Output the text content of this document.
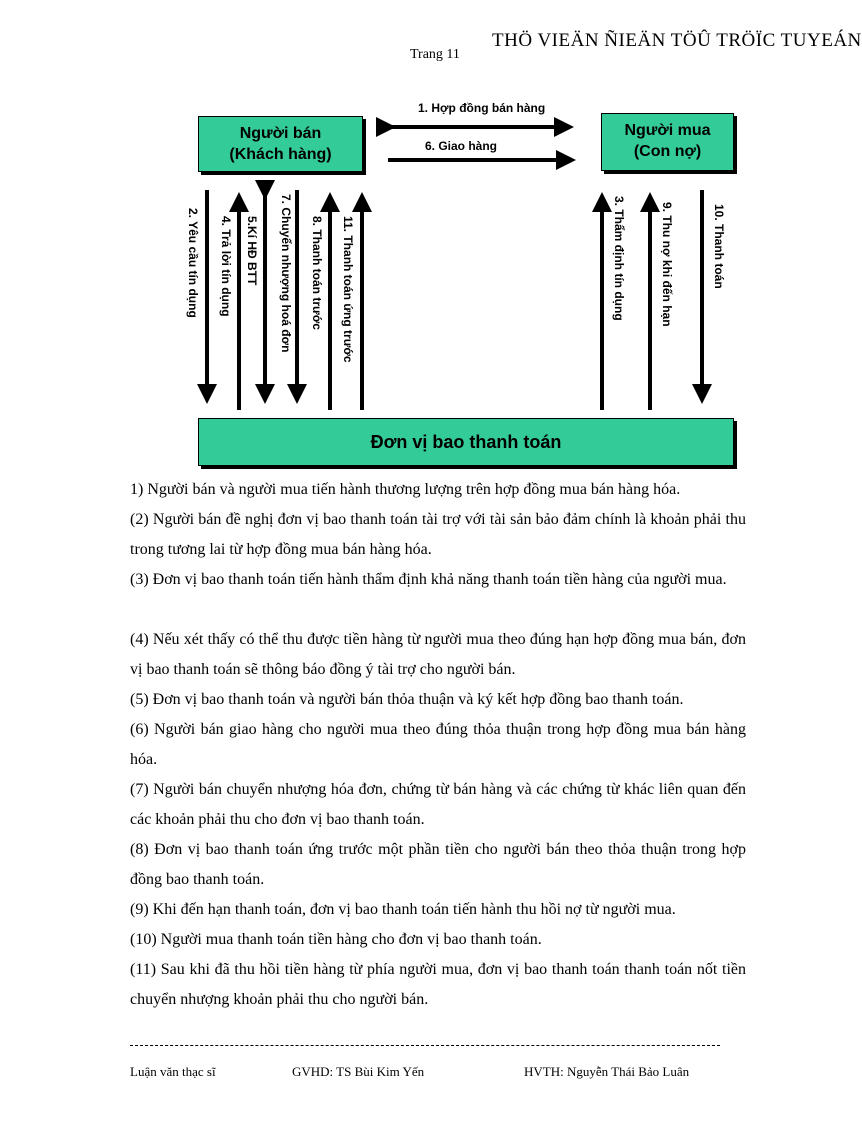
Trang 11
THÖ VIEÄN ÑIEÄN TÖÛ TRÖÏC TUYEÁN
1. Hợp đồng bán hàng
6. Giao hàng
Người bán
(Khách hàng)
Người mua
(Con nợ)
Đơn vị bao thanh toán
2. Yêu cầu tín dụng 4. Trả lời tín dụng 5.Kí HĐ BTT 7. Chuyển nhượng hoá đơn 8. Thanh toán trước 11. Thanh toán ứng trước	3. Thẩm định tín dụng	9. Thu nợ khi đến hạn	10. Thanh toán
1) Người bán và người mua tiến hành thương lượng trên hợp đồng mua bán hàng hóa.
(2) Người bán đề nghị đơn vị bao thanh toán tài trợ với tài sản bảo đảm chính là khoản phải thu trong tương lai từ hợp đồng mua bán hàng hóa.
(3) Đơn vị bao thanh toán tiến hành thẩm định khả năng thanh toán tiền hàng của người mua.
(4) Nếu xét thấy có thể thu được tiền hàng từ người mua theo đúng hạn hợp đồng mua bán, đơn vị bao thanh toán sẽ thông báo đồng ý tài trợ cho người bán.
(5) Đơn vị bao thanh toán và người bán thỏa thuận và ký kết hợp đồng bao thanh toán.
(6) Người bán giao hàng cho người mua theo đúng thỏa thuận trong hợp đồng mua bán hàng hóa.
(7) Người bán chuyển nhượng hóa đơn, chứng từ bán hàng và các chứng từ khác liên quan đến các khoản phải thu cho đơn vị bao thanh toán.
(8) Đơn vị bao thanh toán ứng trước một phần tiền cho người bán theo thỏa thuận trong hợp đồng bao thanh toán.
(9) Khi đến hạn thanh toán, đơn vị bao thanh toán tiến hành thu hồi nợ từ người mua.
(10) Người mua thanh toán tiền hàng cho đơn vị bao thanh toán.
(11) Sau khi đã thu hồi tiền hàng từ phía người mua, đơn vị bao thanh toán thanh toán nốt tiền chuyển nhượng khoản phải thu cho người bán.
Luận văn thạc sĩ	GVHD: TS Bùi Kim Yến	HVTH: Nguyễn Thái Bảo Luân
